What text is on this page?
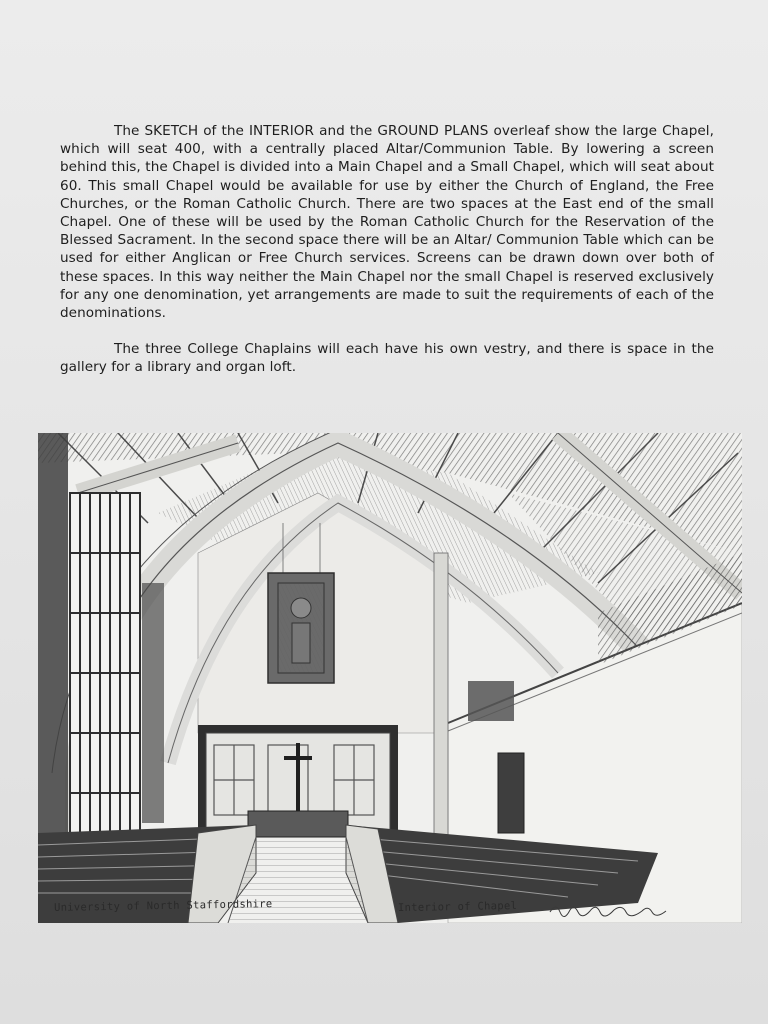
The SKETCH of the INTERIOR and the GROUND PLANS overleaf show the large Chapel, which will seat 400, with a centrally placed Altar/Communion Table. By lowering a screen behind this, the Chapel is divided into a Main Chapel and a Small Chapel, which will seat about 60. This small Chapel would be available for use by either the Church of England, the Free Churches, or the Roman Catholic Church. There are two spaces at the East end of the small Chapel. One of these will be used by the Roman Catholic Church for the Reservation of the Blessed Sacrament. In the second space there will be an Altar/ Communion Table which can be used for either Anglican or Free Church services. Screens can be drawn down over both of these spaces. In this way neither the Main Chapel nor the small Chapel is reserved exclusively for any one denomination, yet arrangements are made to suit the requirements of each of the denominations.

The three College Chaplains will each have his own vestry, and there is space in the gallery for a library and organ loft.

University of North Staffordshire	Interior of Chapel
